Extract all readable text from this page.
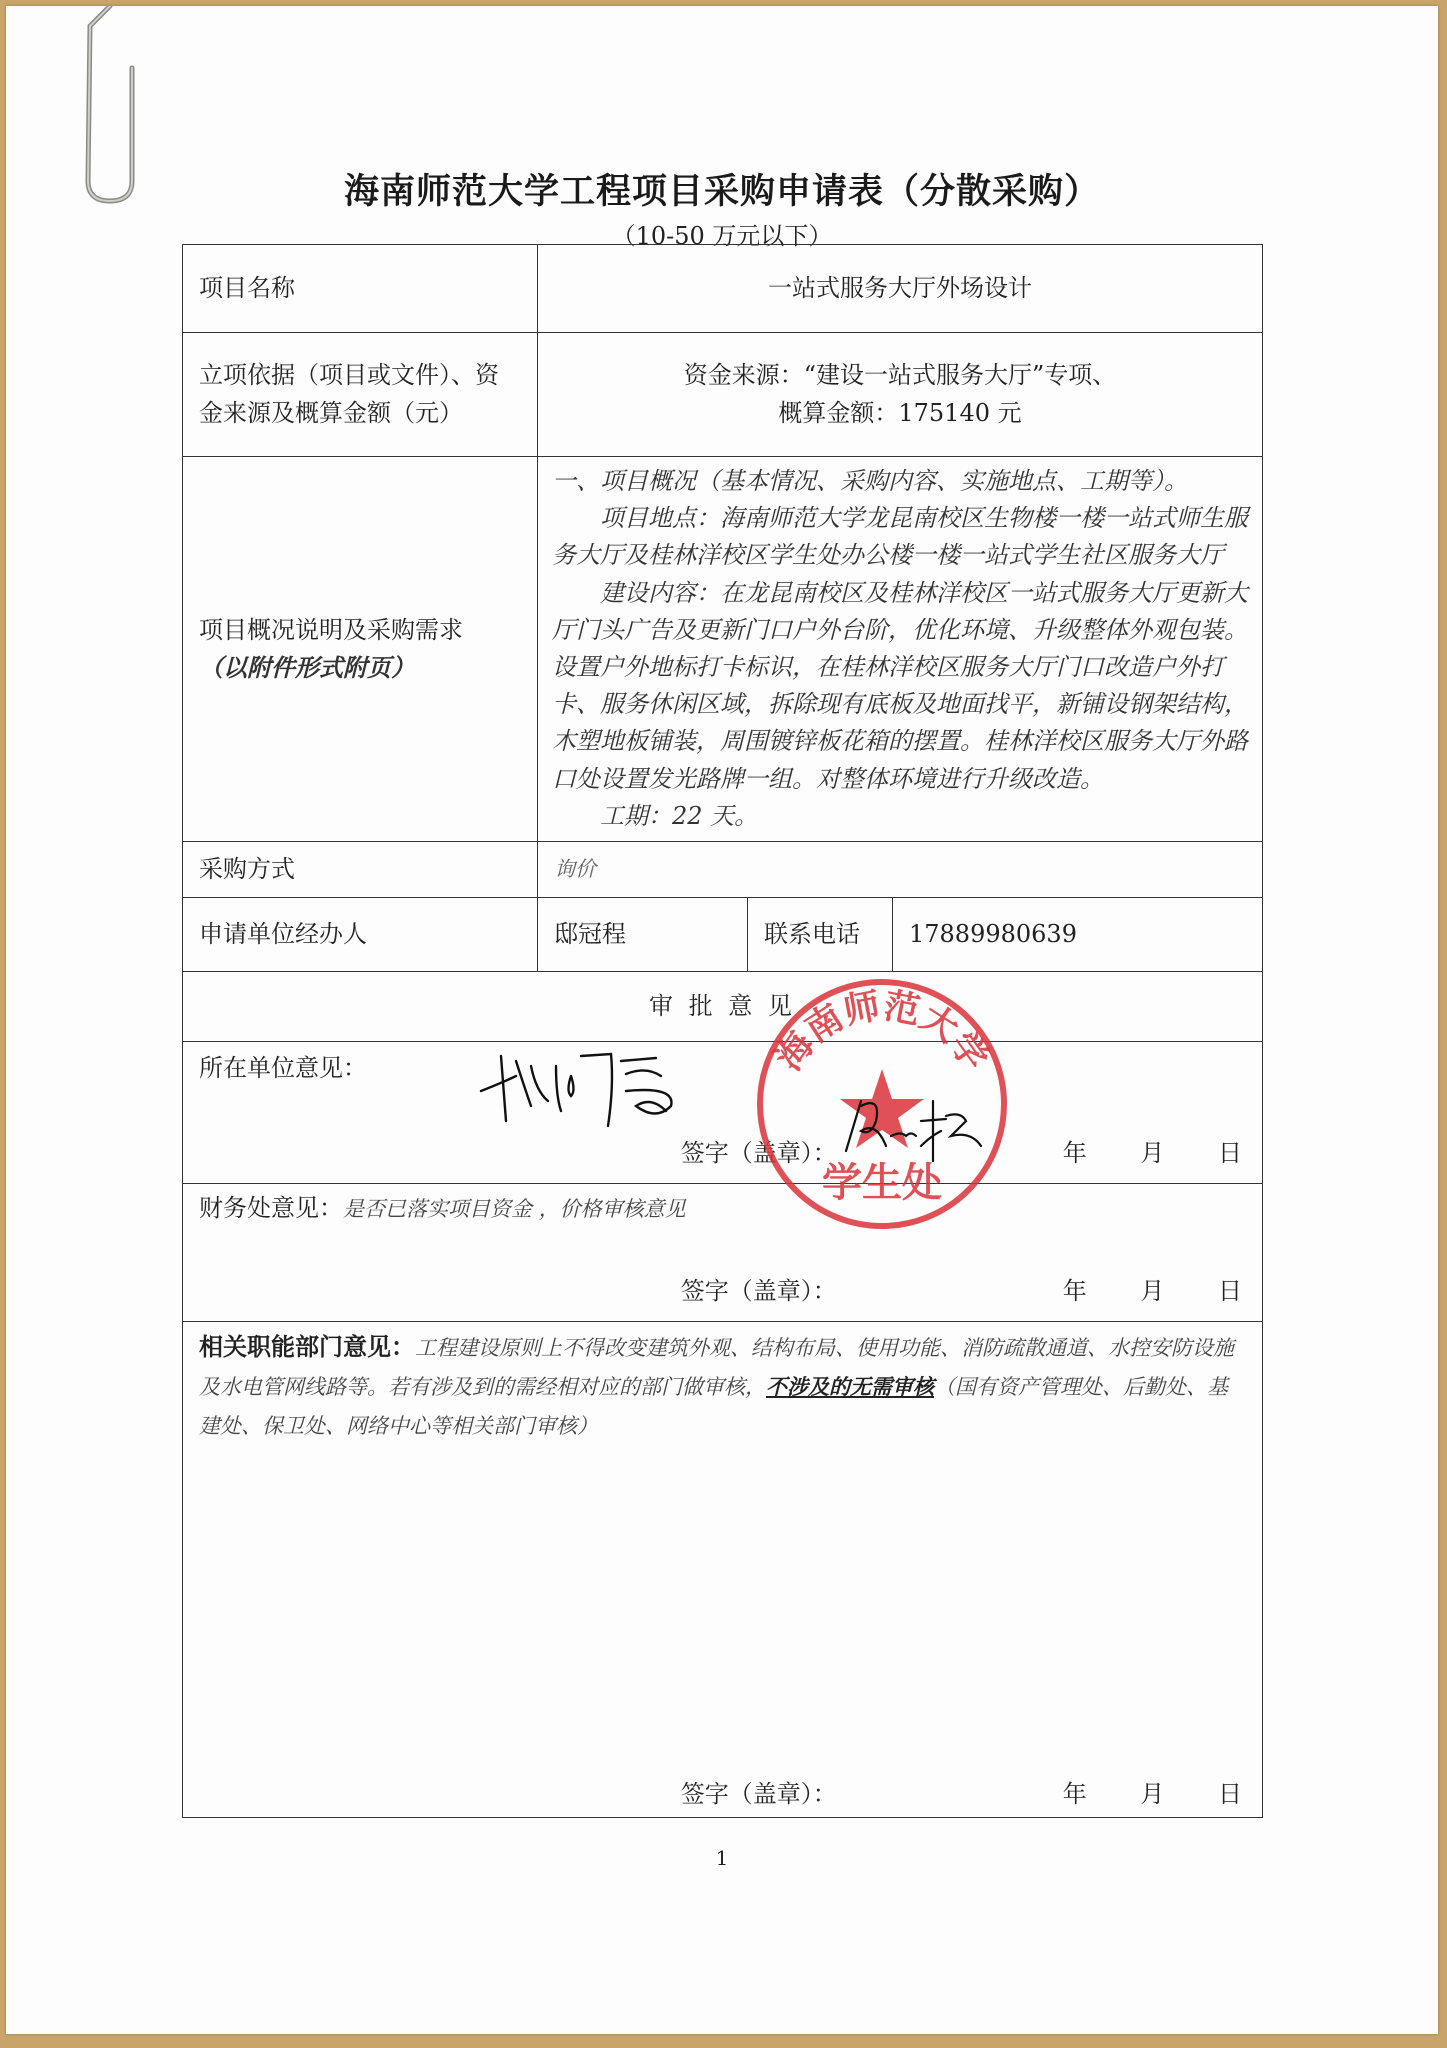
海南师范大学工程项目采购申请表（分散采购）
（10-50 万元以下）
项目名称	一站式服务大厅外场设计		
立项依据（项目或文件）、资金来源及概算金额（元）	资金来源：“建设一站式服务大厅”专项、
概算金额：175140 元		

项目概况说明及采购需求
（以附件形式附页）

一、项目概况（基本情况、采购内容、实施地点、工期等）。

项目地点：海南师范大学龙昆南校区生物楼一楼一站式师生服务大厅及桂林洋校区学生处办公楼一楼一站式学生社区服务大厅

建设内容：在龙昆南校区及桂林洋校区一站式服务大厅更新大厅门头广告及更新门口户外台阶，优化环境、升级整体外观包装。设置户外地标打卡标识，在桂林洋校区服务大厅门口改造户外打卡、服务休闲区域，拆除现有底板及地面找平，新铺设钢架结构，木塑地板铺装，周围镀锌板花箱的摆置。桂林洋校区服务大厅外路口处设置发光路牌一组。对整体环境进行升级改造。

工期：22 天。

采购方式	询价		
申请单位经办人	邸冠程	联系电话	17889980639
审 批 意 见			

所在单位意见：
签字（盖章）： 年 月 日			

财务处意见：是否已落实项目资金 ，价格审核意见
签字（盖章）： 年 月 日			

相关职能部门意见：工程建设原则上不得改变建筑外观、结构布局、使用功能、消防疏散通道、水控安防设施及水电管网线路等。若有涉及到的需经相对应的部门做审核，不涉及的无需审核（国有资产管理处、后勤处、基建处、保卫处、网络中心等相关部门审核）
签字（盖章）： 年 月 日			
海南师范大学
学生处
1
